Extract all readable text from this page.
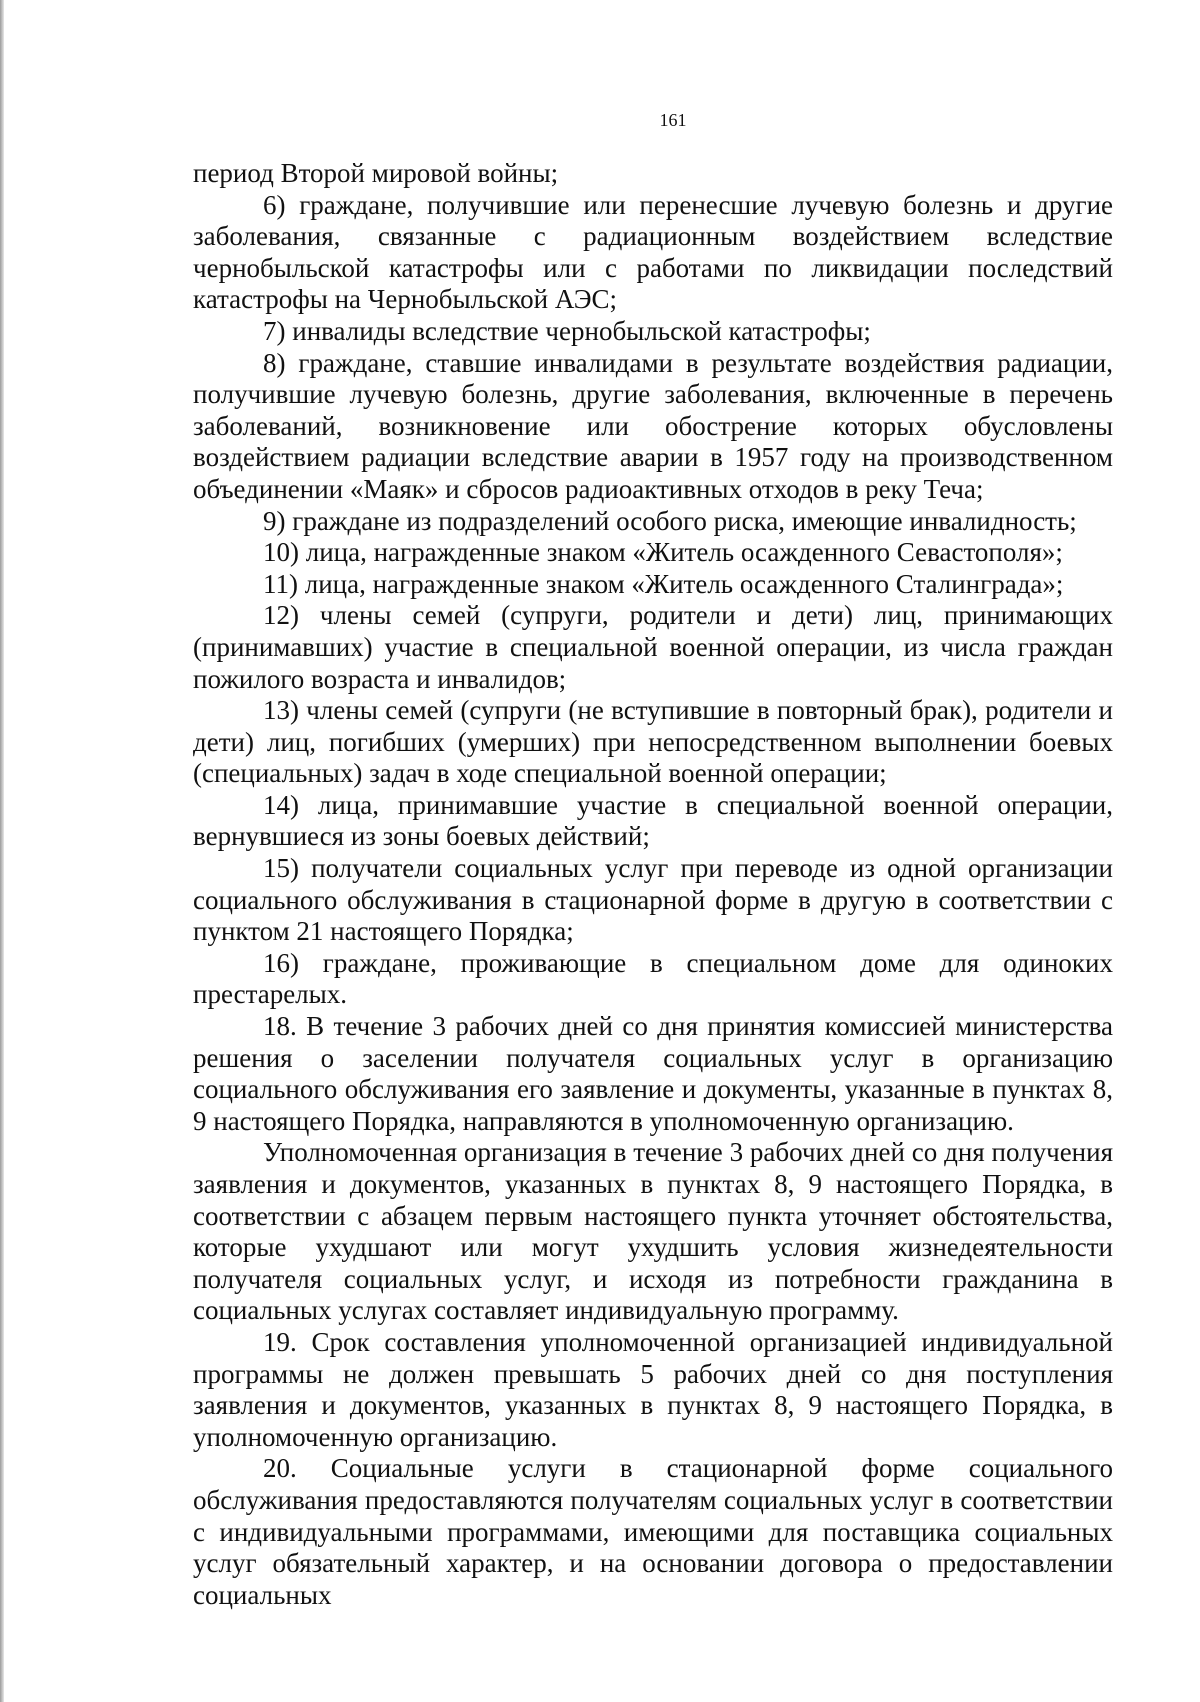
161

период Второй мировой войны;

6) граждане, получившие или перенесшие лучевую болезнь и другие заболевания, связанные с радиационным воздействием вследствие чернобыльской катастрофы или с работами по ликвидации последствий катастрофы на Чернобыльской АЭС;

7) инвалиды вследствие чернобыльской катастрофы;

8) граждане, ставшие инвалидами в результате воздействия радиации, получившие лучевую болезнь, другие заболевания, включенные в перечень заболеваний, возникновение или обострение которых обусловлены воздействием радиации вследствие аварии в 1957 году на производственном объединении «Маяк» и сбросов радиоактивных отходов в реку Теча;

9) граждане из подразделений особого риска, имеющие инвалидность;

10) лица, награжденные знаком «Житель осажденного Севастополя»;

11) лица, награжденные знаком «Житель осажденного Сталинграда»;

12) члены семей (супруги, родители и дети) лиц, принимающих (принимавших) участие в специальной военной операции, из числа граждан пожилого возраста и инвалидов;

13) члены семей (супруги (не вступившие в повторный брак), родители и дети) лиц, погибших (умерших) при непосредственном выполнении боевых (специальных) задач в ходе специальной военной операции;

14) лица, принимавшие участие в специальной военной операции, вернувшиеся из зоны боевых действий;

15) получатели социальных услуг при переводе из одной организации социального обслуживания в стационарной форме в другую в соответствии с пунктом 21 настоящего Порядка;

16) граждане, проживающие в специальном доме для одиноких престарелых.

18. В течение 3 рабочих дней со дня принятия комиссией министерства решения о заселении получателя социальных услуг в организацию социального обслуживания его заявление и документы, указанные в пунктах 8, 9 настоящего Порядка, направляются в уполномоченную организацию.

Уполномоченная организация в течение 3 рабочих дней со дня получения заявления и документов, указанных в пунктах 8, 9 настоящего Порядка, в соответствии с абзацем первым настоящего пункта уточняет обстоятельства, которые ухудшают или могут ухудшить условия жизнедеятельности получателя социальных услуг, и исходя из потребности гражданина в социальных услугах составляет индивидуальную программу.

19. Срок составления уполномоченной организацией индивидуальной программы не должен превышать 5 рабочих дней со дня поступления заявления и документов, указанных в пунктах 8, 9 настоящего Порядка, в уполномоченную организацию.

20. Социальные услуги в стационарной форме социального обслуживания предоставляются получателям социальных услуг в соответствии с индивидуальными программами, имеющими для поставщика социальных услуг обязательный характер, и на основании договора о предоставлении социальных
